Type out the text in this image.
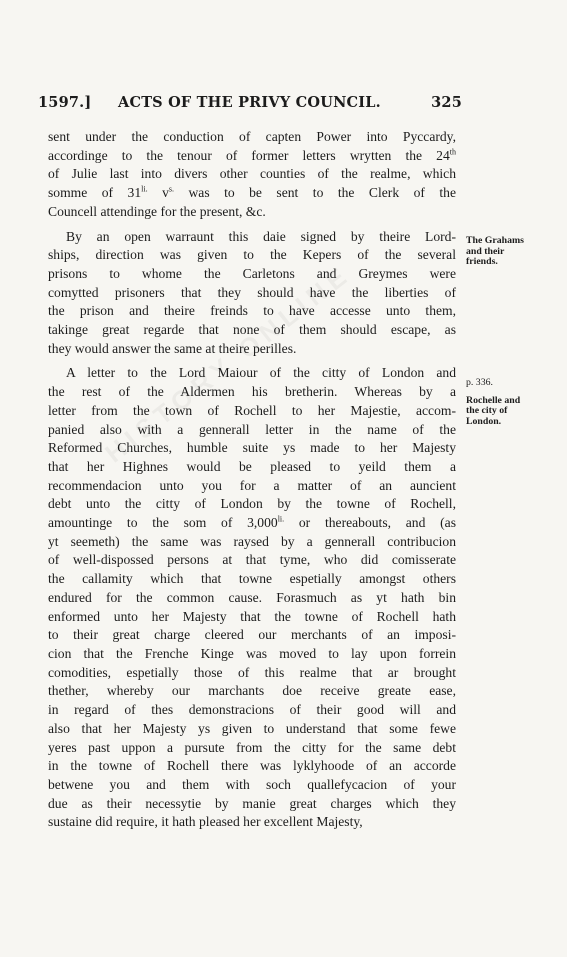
1597.] ACTS OF THE PRIVY COUNCIL.	325
sent under the conduction of capten Power into Pyccardy,
accordinge to the tenour of former letters wrytten the 24th
of Julie last into divers other counties of the realme, which
somme of $31^{li.}$ $v^{s.}$ was to be sent to the Clerk of the
Councell attendinge for the present, &c.
By an open warraunt this daie signed by theire Lord-
ships, direction was given to the Kepers of the several
prisons to whome the Carletons and Greymes were
comytted prisoners that they should have the liberties of
the prison and theire freinds to have accesse unto them,
takinge great regarde that none of them should escape, as
they would answer the same at theire perilles.
A letter to the Lord Maiour of the citty of London and
the rest of the Aldermen his bretherin. Whereas by a
letter from the town of Rochell to her Majestie, accom-
panied also with a gennerall letter in the name of the
Reformed Churches, humble suite ys made to her Majesty
that her Highnes would be pleased to yeild them a
recommendacion unto you for a matter of an auncient
debt unto the citty of London by the towne of Rochell,
amountinge to the som of $3,000^{li.}$ or thereabouts, and (as
yt seemeth) the same was raysed by a gennerall contribucion
of well-dispossed persons at that tyme, who did comisserate
the callamity which that towne espetially amongst others
endured for the common cause. Forasmuch as yt hath bin
enformed unto her Majesty that the towne of Rochell hath
to their great charge cleered our merchants of an imposi-
cion that the Frenche Kinge was moved to lay upon forrein
comodities, espetially those of this realme that ar brought
thether, whereby our marchants doe receive greate ease,
in regard of thes demonstracions of their good will and
also that her Majesty ys given to understand that some fewe
yeres past uppon a pursute from the citty for the same debt
in the towne of Rochell there was lyklyhoode of an accorde
betwene you and them with soch quallefycacion of your
due as their necessytie by manie great charges which they
sustaine did require, it hath pleased her excellent Majesty,
The Grahams
and their
friends.
p. 336.
Rochelle and
the city of
London.
